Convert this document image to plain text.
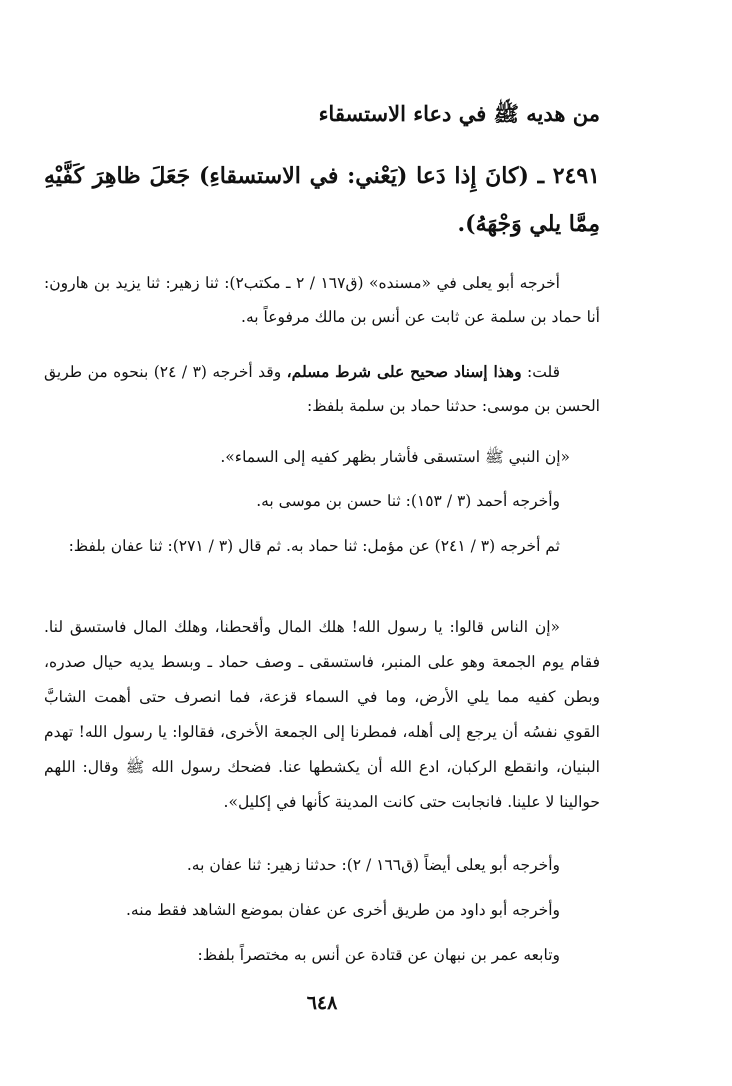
من هديه ﷺ في دعاء الاستسقاء
٢٤٩١ ـ (كانَ إِذا دَعا (يَعْني: في الاستسقاءِ) جَعَلَ ظاهِرَ كَفَّيْهِ مِمَّا يلي وَجْهَهُ).
أخرجه أبو يعلى في «مسنده» (ق١٦٧ / ٢ ـ مكتب٢): ثنا زهير: ثنا يزيد بن هارون: أنا حماد بن سلمة عن ثابت عن أنس بن مالك مرفوعاً به.
قلت: وهذا إسناد صحيح على شرط مسلم، وقد أخرجه (٣ / ٢٤) بنحوه من طريق الحسن بن موسى: حدثنا حماد بن سلمة بلفظ:
«إن النبي ﷺ استسقى فأشار بظهر كفيه إلى السماء».
وأخرجه أحمد (٣ / ١٥٣): ثنا حسن بن موسى به.
ثم أخرجه (٣ / ٢٤١) عن مؤمل: ثنا حماد به. ثم قال (٣ / ٢٧١): ثنا عفان بلفظ:
«إن الناس قالوا: يا رسول الله! هلك المال وأقحطنا، وهلك المال فاستسق لنا. فقام يوم الجمعة وهو على المنبر، فاستسقى ـ وصف حماد ـ وبسط يديه حيال صدره، وبطن كفيه مما يلي الأرض، وما في السماء قزعة، فما انصرف حتى أهمت الشابَّ القوي نفسُه أن يرجع إلى أهله، فمطرنا إلى الجمعة الأخرى، فقالوا: يا رسول الله! تهدم البنيان، وانقطع الركبان، ادع الله أن يكشطها عنا. فضحك رسول الله ﷺ وقال: اللهم حوالينا لا علينا. فانجابت حتى كانت المدينة كأنها في إكليل».
وأخرجه أبو يعلى أيضاً (ق١٦٦ / ٢): حدثنا زهير: ثنا عفان به.
وأخرجه أبو داود من طريق أخرى عن عفان بموضع الشاهد فقط منه.
وتابعه عمر بن نبهان عن قتادة عن أنس به مختصراً بلفظ:
٦٤٨
